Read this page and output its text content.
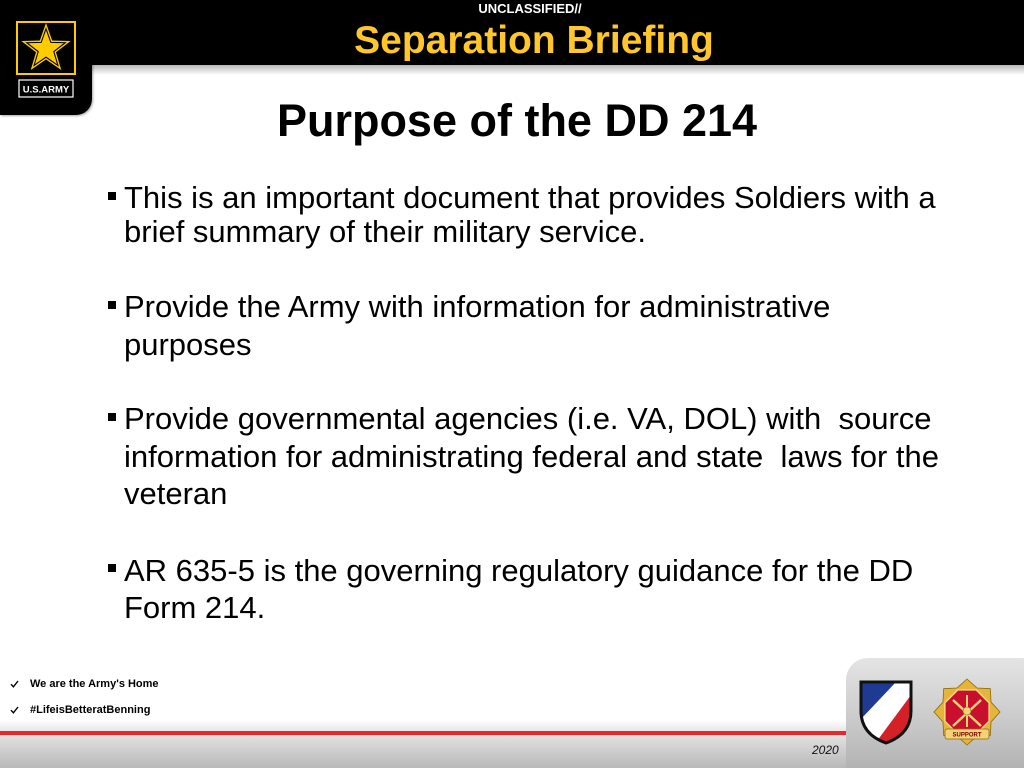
UNCLASSIFIED//
Separation Briefing
U.S.ARMY
Purpose of the DD 214
This is an important document that provides Soldiers with a
brief summary of their military service.
Provide the Army with information for administrative
purposes
Provide governmental agencies (i.e. VA, DOL) with  source
information for administrating federal and state  laws for the
veteran
AR 635-5 is the governing regulatory guidance for the DD
Form 214.
We are the Army's Home
#LifeisBetteratBenning
2020
SUPPORT
